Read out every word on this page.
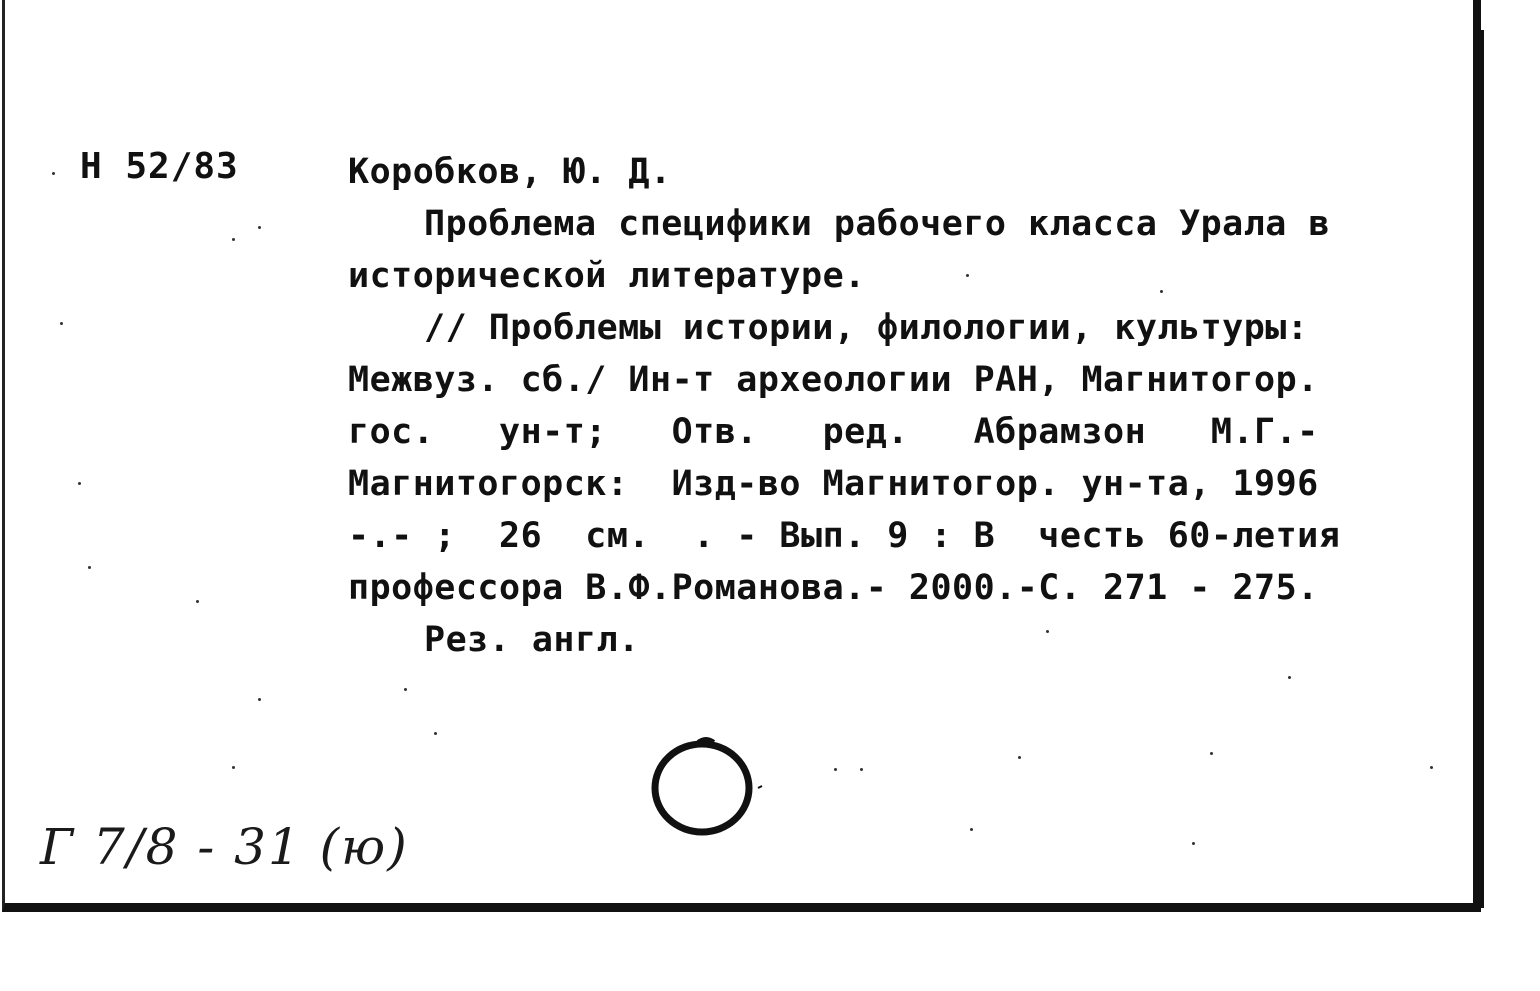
Н 52/83	Коробков, Ю. Д.
Проблема специфики рабочего класса Урала в
исторической литературе.
// Проблемы истории, филологии, культуры:
Межвуз. сб./ Ин-т археологии РАН, Магнитогор.
гос.   ун-т;   Отв.   ред.   Абрамзон   М.Г.-
Магнитогорск:  Изд-во Магнитогор. ун-та, 1996
-.- ;  26  см.  . - Вып. 9 : В  честь 60-летия
профессора В.Ф.Романова.- 2000.-С. 271 - 275.
Рез. англ.
Г 7/8 - 31 (ю)
